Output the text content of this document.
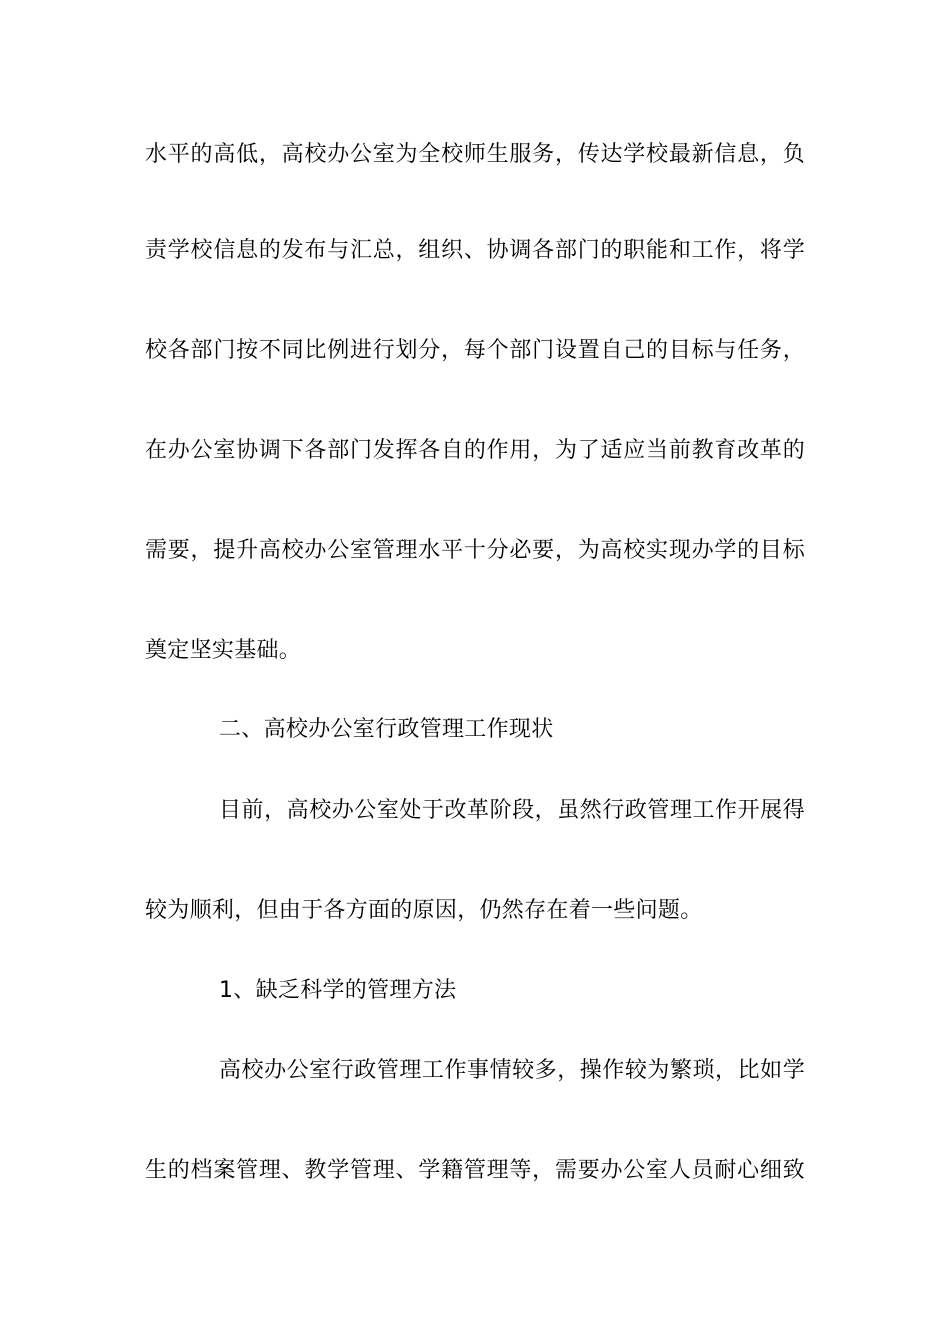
水平的高低，高校办公室为全校师生服务，传达学校最新信息，负
责学校信息的发布与汇总，组织、协调各部门的职能和工作，将学
校各部门按不同比例进行划分，每个部门设置自己的目标与任务，
在办公室协调下各部门发挥各自的作用，为了适应当前教育改革的
需要，提升高校办公室管理水平十分必要，为高校实现办学的目标
奠定坚实基础。
二、高校办公室行政管理工作现状
目前，高校办公室处于改革阶段，虽然行政管理工作开展得
较为顺利，但由于各方面的原因，仍然存在着一些问题。
1、缺乏科学的管理方法
高校办公室行政管理工作事情较多，操作较为繁琐，比如学
生的档案管理、教学管理、学籍管理等，需要办公室人员耐心细致
